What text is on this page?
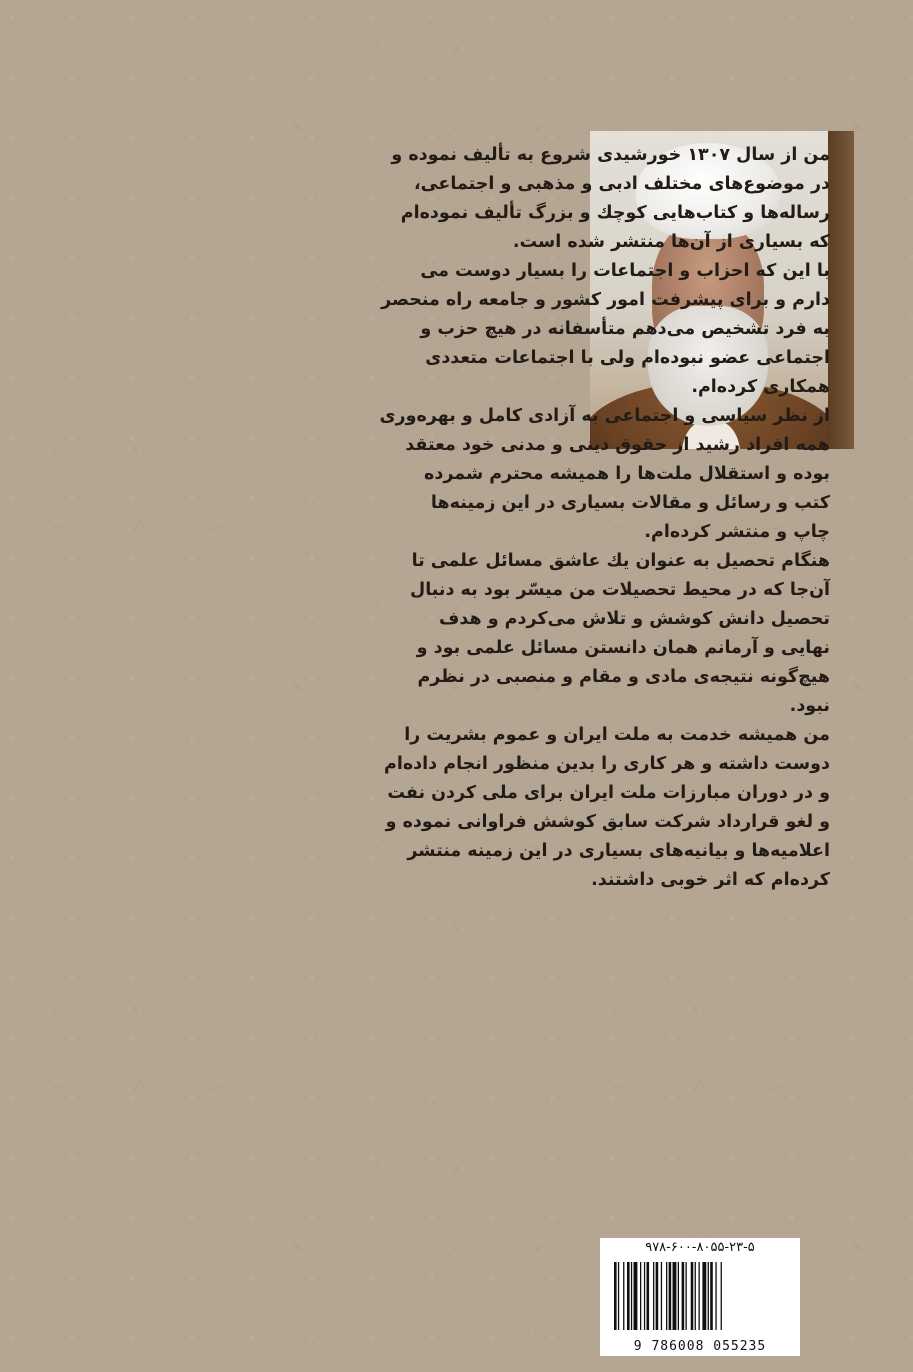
من از سال ۱۳۰۷ خورشیدی شروع به تألیف نموده و
در موضوع‌های مختلف ادبی و مذهبی و اجتماعی،
رساله‌ها و کتاب‌هایی کوچك و بزرگ تألیف نموده‌ام
که بسیاری از آن‌ها منتشر شده است.
با این که احزاب و اجتماعات را بسیار دوست می
دارم و برای پیشرفت امور کشور و جامعه راه منحصر
به فرد تشخیص می‌دهم متأسفانه در هیچ حزب و
اجتماعی عضو نبوده‌ام ولی با اجتماعات متعددی
همکاری کرده‌ام.
از نظر سیاسی و اجتماعی به آزادی کامل و بهره‌وری
همه افراد رشید از حقوق دینی و مدنی خود معتقد
بوده و استقلال ملت‌ها را همیشه محترم شمرده
کتب و رسائل و مقالات بسیاری در این زمینه‌ها
چاپ و منتشر کرده‌ام.
هنگام تحصیل به عنوان یك عاشق مسائل علمی تا
آن‌جا که در محیط تحصیلات من میسّر بود به دنبال
تحصیل دانش کوشش و تلاش می‌کردم و هدف
نهایی و آرمانم همان دانستن مسائل علمی بود و
هیچ‌گونه نتیجه‌ی مادی و مقام و منصبی در نظرم
نبود.
من همیشه خدمت به ملت ایران و عموم بشریت را
دوست داشته و هر کاری را بدین منظور انجام داده‌ام
و در دوران مبارزات ملت ایران برای ملی کردن نفت
و لغو قرارداد شرکت سابق کوشش فراوانی نموده و
اعلامیه‌ها و بیانیه‌های بسیاری در این زمینه منتشر
کرده‌ام که اثر خوبی داشتند.
۹۷۸-۶۰۰-۸۰۵۵-۲۳-۵
9 786008 055235
